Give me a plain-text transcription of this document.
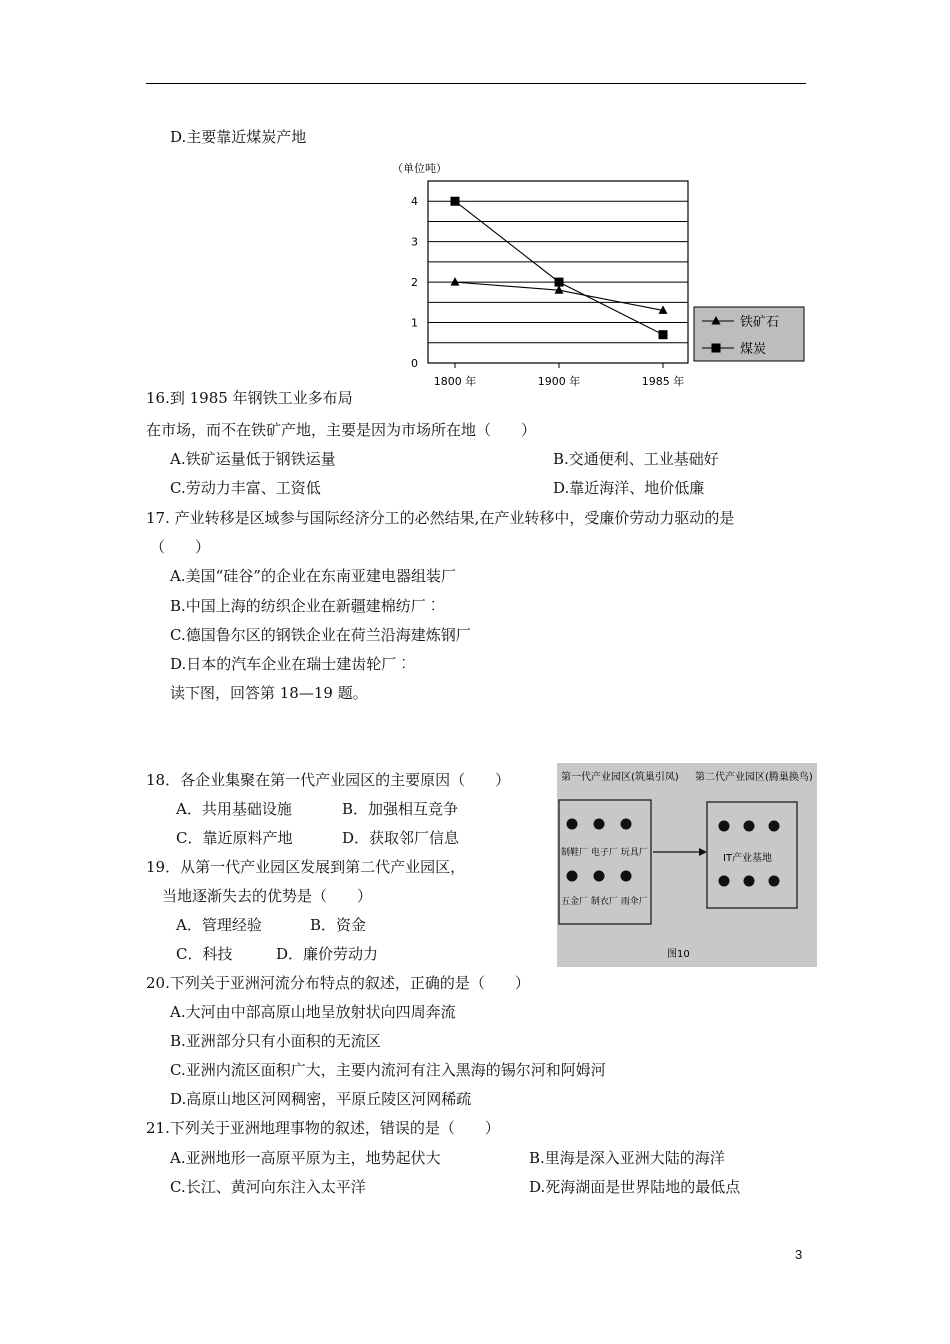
D.主要靠近煤炭产地
（单位吨）
0
1
2
3
4
1800 年	1900 年	1985 年
铁矿石
煤炭
16.到 1985 年钢铁工业多布局
在市场，而不在铁矿产地，主要是因为市场所在地（　　）
A.铁矿运量低于钢铁运量	B.交通便利、工业基础好
C.劳动力丰富、工资低	D.靠近海洋、地价低廉
17. 产业转移是区域参与国际经济分工的必然结果,在产业转移中，受廉价劳动力驱动的是
（　　）
A.美国“硅谷”的企业在东南亚建电器组装厂
B.中国上海的纺织企业在新疆建棉纺厂︰
C.德国鲁尔区的钢铁企业在荷兰沿海建炼钢厂
D.日本的汽车企业在瑞士建齿轮厂︰
读下图，回答第 18—19 题。
18．各企业集聚在第一代产业园区的主要原因（　　）
A．共用基础设施	B．加强相互竞争
C．靠近原料产地	D．获取邻厂信息
19．从第一代产业园区发展到第二代产业园区，
当地逐渐失去的优势是（　　）
A．管理经验	B．资金
C．科技	D．廉价劳动力
第一代产业园区(筑巢引凤) 第二代产业园区(腾巢换鸟)
制鞋厂 电子厂 玩具厂
五金厂 制衣厂 雨伞厂
IT产业基地
图10
20.下列关于亚洲河流分布特点的叙述，正确的是（　　）
A.大河由中部高原山地呈放射状向四周奔流
B.亚洲部分只有小面积的无流区
C.亚洲内流区面积广大，主要内流河有注入黑海的锡尔河和阿姆河
D.高原山地区河网稠密，平原丘陵区河网稀疏
21.下列关于亚洲地理事物的叙述，错误的是（　　）
A.亚洲地形一高原平原为主，地势起伏大	B.里海是深入亚洲大陆的海洋
C.长江、黄河向东注入太平洋	D.死海湖面是世界陆地的最低点
3
